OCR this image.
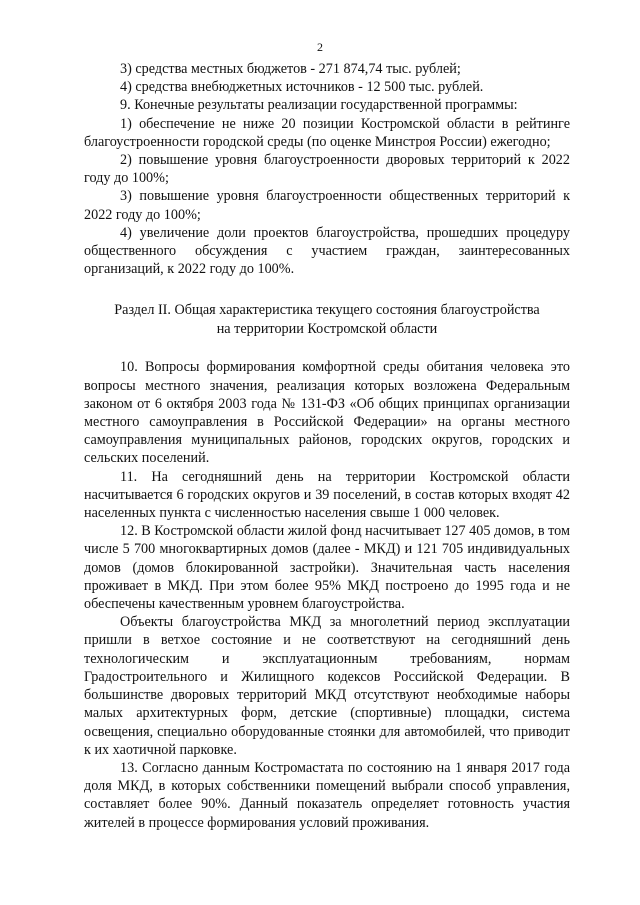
2

3) средства местных бюджетов - 271 874,74 тыс. рублей;

4) средства внебюджетных источников - 12 500 тыс. рублей.

9. Конечные результаты реализации государственной программы:

1) обеспечение не ниже 20 позиции Костромской области в рейтинге благоустроенности городской среды (по оценке Минстроя России) ежегодно;

2) повышение уровня благоустроенности дворовых территорий к 2022 году до 100%;

3) повышение уровня благоустроенности общественных территорий к 2022 году до 100%;

4) увеличение доли проектов благоустройства, прошедших процедуру общественного обсуждения с участием граждан, заинтересованных организаций, к 2022 году до 100%.

Раздел II. Общая характеристика текущего состояния благоустройства
на территории Костромской области

10. Вопросы формирования комфортной среды обитания человека это вопросы местного значения, реализация которых возложена Федеральным законом от 6 октября 2003 года № 131-ФЗ «Об общих принципах организации местного самоуправления в Российской Федерации» на органы местного самоуправления муниципальных районов, городских округов, городских и сельских поселений.

11. На сегодняшний день на территории Костромской области насчитывается 6 городских округов и 39 поселений, в состав которых входят 42 населенных пункта с численностью населения свыше 1 000 человек.

12. В Костромской области жилой фонд насчитывает 127 405 домов, в том числе 5 700 многоквартирных домов (далее - МКД) и 121 705 индивидуальных домов (домов блокированной застройки). Значительная часть населения проживает в МКД. При этом более 95% МКД построено до 1995 года и не обеспечены качественным уровнем благоустройства.

Объекты благоустройства МКД за многолетний период эксплуатации пришли в ветхое состояние и не соответствуют на сегодняшний день технологическим и эксплуатационным требованиям, нормам Градостроительного и Жилищного кодексов Российской Федерации. В большинстве дворовых территорий МКД отсутствуют необходимые наборы малых архитектурных форм, детские (спортивные) площадки, система освещения, специально оборудованные стоянки для автомобилей, что приводит к их хаотичной парковке.

13. Согласно данным Костромастата по состоянию на 1 января 2017 года доля МКД, в которых собственники помещений выбрали способ управления, составляет более 90%. Данный показатель определяет готовность участия жителей в процессе формирования условий проживания.
